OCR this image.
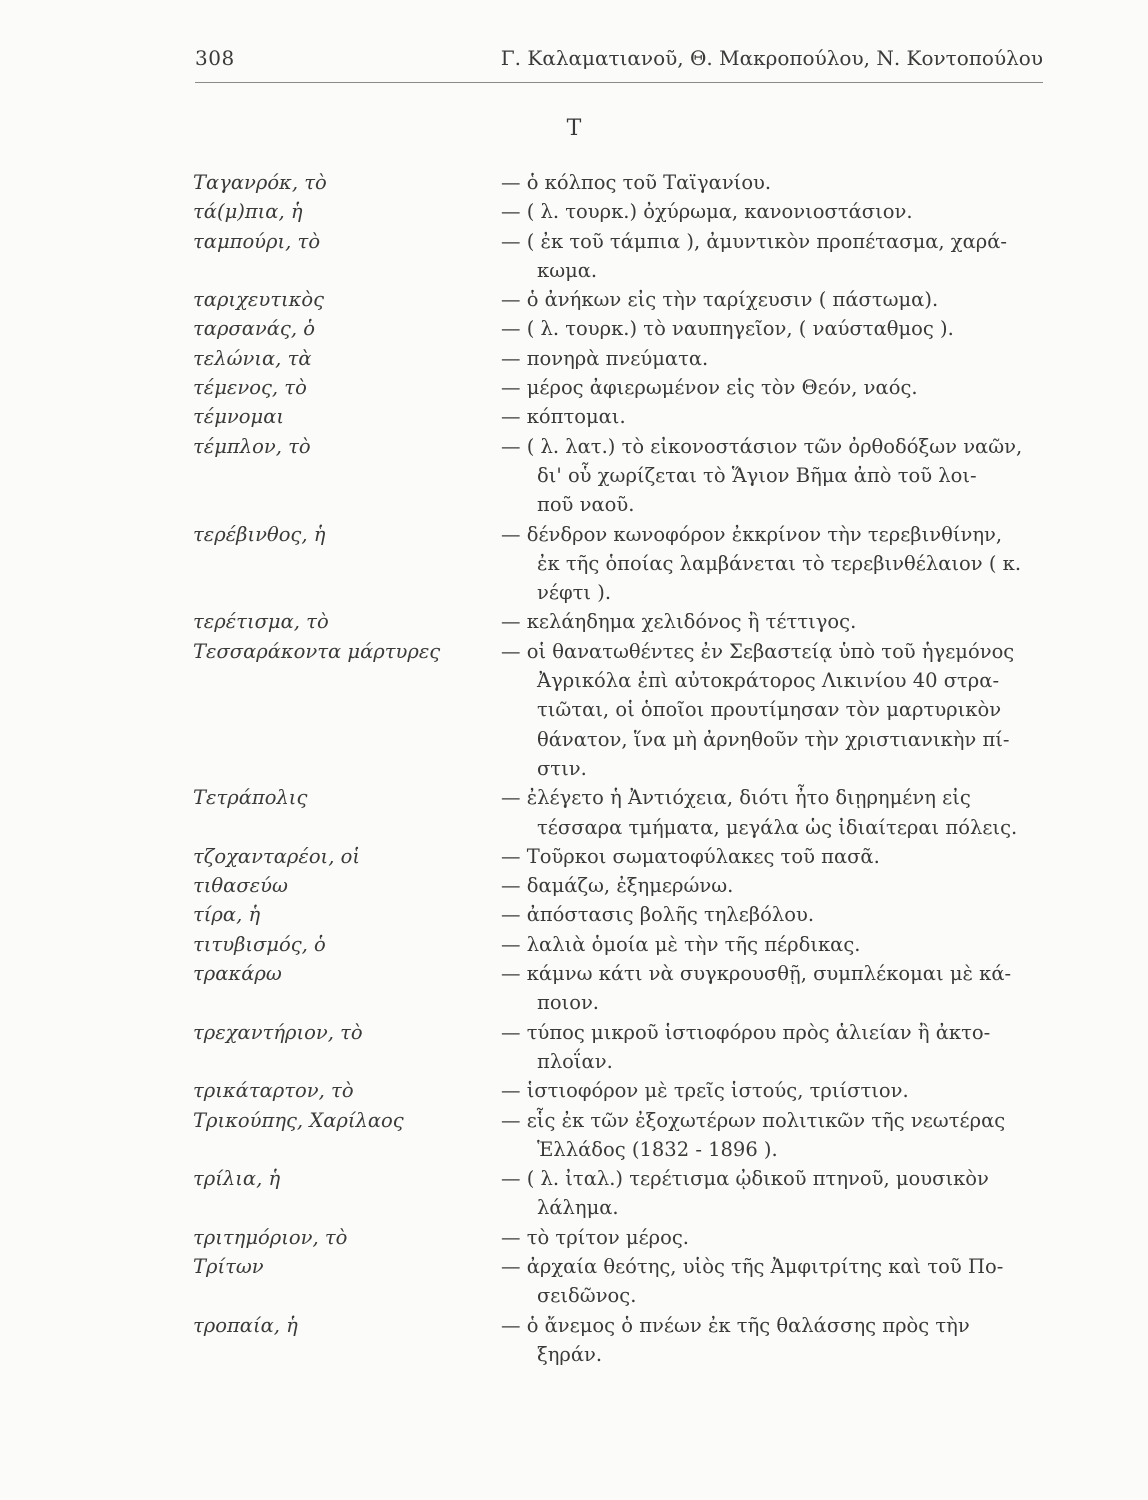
308	Γ. Καλαματιανοῦ, Θ. Μακροπούλου, Ν. Κοντοπούλου
Τ
Ταγανρόκ, τὸ	— ὁ κόλπος τοῦ Ταϊγανίου.
τά(μ)πια, ἡ	— ( λ. τουρκ.) ὀχύρωμα, κανονιοστάσιον.
ταμπούρι, τὸ	— ( ἐκ τοῦ τάμπια ), ἀμυντικὸν προπέτασμα, χαρά-
κωμα.
ταριχευτικὸς	— ὁ ἀνήκων εἰς τὴν ταρίχευσιν ( πάστωμα).
ταρσανάς, ὁ	— ( λ. τουρκ.) τὸ ναυπηγεῖον, ( ναύσταθμος ).
τελώνια, τὰ	— πονηρὰ πνεύματα.
τέμενος, τὸ	— μέρος ἀφιερωμένον εἰς τὸν Θεόν, ναός.
τέμνομαι	— κόπτομαι.
τέμπλον, τὸ	— ( λ. λατ.) τὸ εἰκονοστάσιον τῶν ὀρθοδόξων ναῶν,
δι' οὗ χωρίζεται τὸ Ἅγιον Βῆμα ἀπὸ τοῦ λοι-
ποῦ ναοῦ.
τερέβινθος, ἡ	— δένδρον κωνοφόρον ἐκκρίνον τὴν τερεβινθίνην,
ἐκ τῆς ὁποίας λαμβάνεται τὸ τερεβινθέλαιον ( κ.
νέφτι ).
τερέτισμα, τὸ	— κελάηδημα χελιδόνος ἢ τέττιγος.
Τεσσαράκοντα μάρτυρες	— οἱ θανατωθέντες ἐν Σεβαστείᾳ ὑπὸ τοῦ ἡγεμόνος
Ἀγρικόλα ἐπὶ αὐτοκράτορος Λικινίου 40 στρα-
τιῶται, οἱ ὁποῖοι προυτίμησαν τὸν μαρτυρικὸν
θάνατον, ἵνα μὴ ἀρνηθοῦν τὴν χριστιανικὴν πί-
στιν.
Τετράπολις	— ἐλέγετο ἡ Ἀντιόχεια, διότι ἦτο διῃρημένη εἰς
τέσσαρα τμήματα, μεγάλα ὡς ἰδιαίτεραι πόλεις.
τζοχανταρέοι, οἱ	— Τοῦρκοι σωματοφύλακες τοῦ πασᾶ.
τιθασεύω	— δαμάζω, ἐξημερώνω.
τίρα, ἡ	— ἀπόστασις βολῆς τηλεβόλου.
τιτυβισμός, ὁ	— λαλιὰ ὁμοία μὲ τὴν τῆς πέρδικας.
τρακάρω	— κάμνω κάτι νὰ συγκρουσθῇ, συμπλέκομαι μὲ κά-
ποιον.
τρεχαντήριον, τὸ	— τύπος μικροῦ ἱστιοφόρου πρὸς ἁλιείαν ἢ ἀκτο-
πλοΐαν.
τρικάταρτον, τὸ	— ἱστιοφόρον μὲ τρεῖς ἱστούς, τριίστιον.
Τρικούπης, Χαρίλαος	— εἷς ἐκ τῶν ἐξοχωτέρων πολιτικῶν τῆς νεωτέρας
Ἑλλάδος (1832 - 1896 ).
τρίλια, ἡ	— ( λ. ἰταλ.) τερέτισμα ᾠδικοῦ πτηνοῦ, μουσικὸν
λάλημα.
τριτημόριον, τὸ	— τὸ τρίτον μέρος.
Τρίτων	— ἀρχαία θεότης, υἱὸς τῆς Ἀμφιτρίτης καὶ τοῦ Πο-
σειδῶνος.
τροπαία, ἡ	— ὁ ἄνεμος ὁ πνέων ἐκ τῆς θαλάσσης πρὸς τὴν
ξηράν.
